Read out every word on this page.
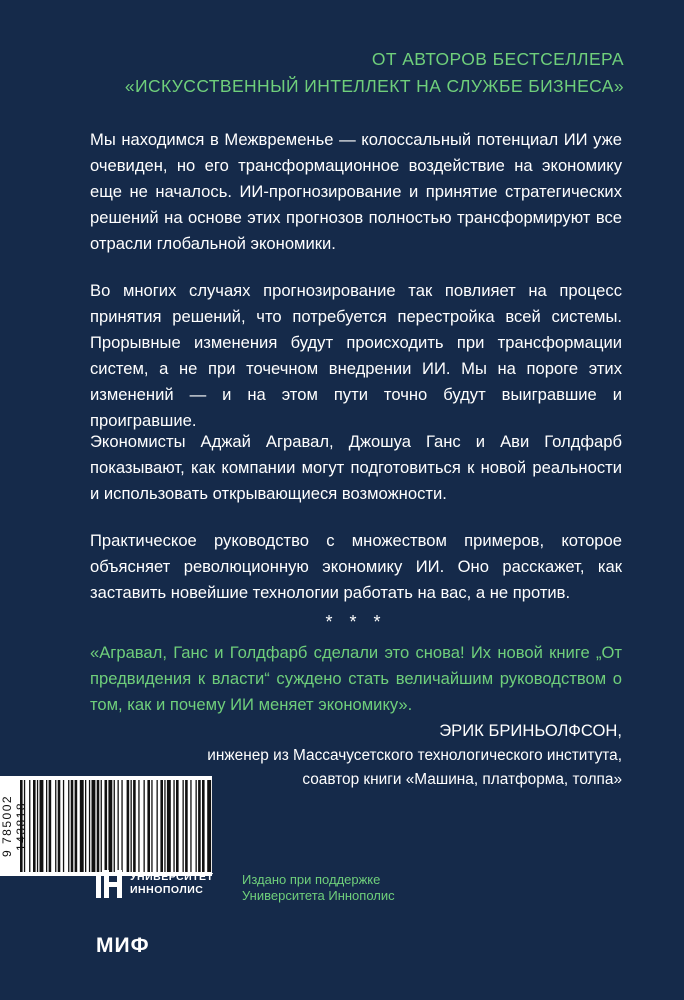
ОТ АВТОРОВ БЕСТСЕЛЛЕРА
«ИСКУССТВЕННЫЙ ИНТЕЛЛЕКТ НА СЛУЖБЕ БИЗНЕСА»
Мы находимся в Межвременье — колоссальный потенциал ИИ уже очевиден, но его трансформационное воздействие на экономику еще не началось. ИИ-прогнозирование и принятие стратегических решений на основе этих прогнозов полностью трансформируют все отрасли глобальной экономики.
Во многих случаях прогнозирование так повлияет на процесс принятия решений, что потребуется перестройка всей системы. Прорывные изменения будут происходить при трансформации систем, а не при точечном внедрении ИИ. Мы на пороге этих изменений — и на этом пути точно будут выигравшие и проигравшие.
Экономисты Аджай Агравал, Джошуа Ганс и Ави Голдфарб показывают, как компании могут подготовиться к новой реальности и использовать открывающиеся возможности.
Практическое руководство с множеством примеров, которое объясняет революционную экономику ИИ. Оно расскажет, как заставить новейшие технологии работать на вас, а не против.
* * *
«Агравал, Ганс и Голдфарб сделали это снова! Их новой книге „От предвидения к власти“ суждено стать величайшим руководством о том, как и почему ИИ меняет экономику».
ЭРИК БРИНЬОЛФСОН,
инженер из Массачусетского технологического института,
соавтор книги «Машина, платформа, толпа»
9 785002 143818
УНИВЕРСИТЕТ
ИННОПОЛИС
Издано при поддержке
Университета Иннополис
МИФ
